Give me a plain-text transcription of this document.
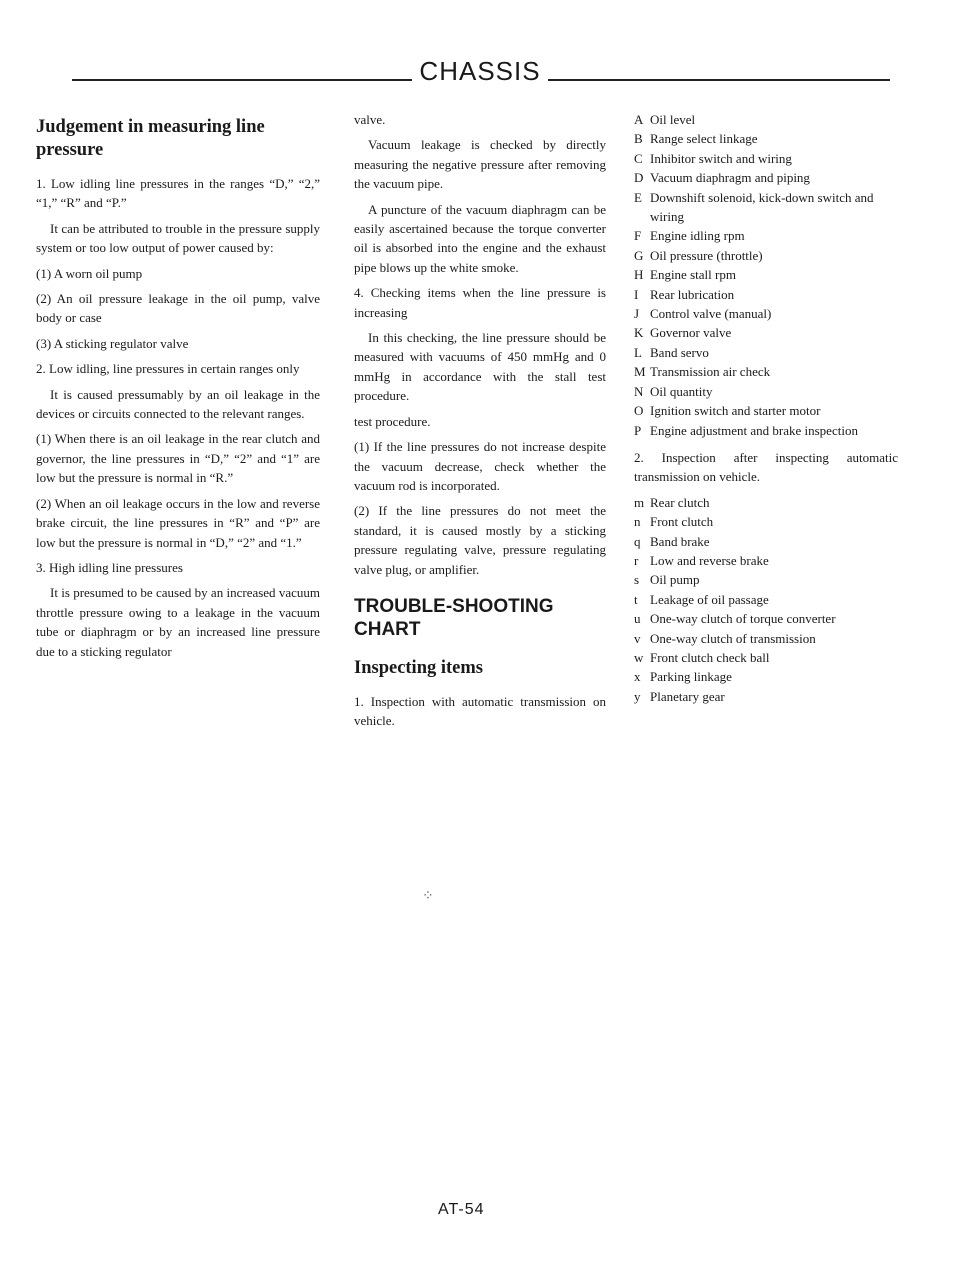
CHASSIS
Judgement in measuring line pressure

1. Low idling line pressures in the ranges “D,” “2,” “1,” “R” and “P.”

It can be attributed to trouble in the pressure supply system or too low output of power caused by:

(1) A worn oil pump

(2) An oil pressure leakage in the oil pump, valve body or case

(3) A sticking regulator valve

2. Low idling, line pressures in certain ranges only

It is caused pressumably by an oil leakage in the devices or circuits connected to the relevant ranges.

(1) When there is an oil leakage in the rear clutch and governor, the line pressures in “D,” “2” and “1” are low but the pressure is normal in “R.”

(2) When an oil leakage occurs in the low and reverse brake circuit, the line pressures in “R” and “P” are low but the pressure is normal in “D,” “2” and “1.”

3. High idling line pressures

It is presumed to be caused by an increased vacuum throttle pressure owing to a leakage in the vacuum tube or diaphragm or by an increased line pressure due to a sticking regulator

valve.

Vacuum leakage is checked by directly measuring the negative pressure after removing the vacuum pipe.

A puncture of the vacuum diaphragm can be easily ascertained because the torque converter oil is absorbed into the engine and the exhaust pipe blows up the white smoke.

4. Checking items when the line pressure is increasing

In this checking, the line pressure should be measured with vacuums of 450 mmHg and 0 mmHg in accordance with the stall test procedure.

test procedure.

(1) If the line pressures do not increase despite the vacuum decrease, check whether the vacuum rod is incorporated.

(2) If the line pressures do not meet the standard, it is caused mostly by a sticking pressure regulating valve, pressure regulating valve plug, or amplifier.

TROUBLE-SHOOTING CHART
Inspecting items

1. Inspection with automatic transmission on vehicle.

A Oil level
B Range select linkage
C Inhibitor switch and wiring
D Vacuum diaphragm and piping
E Downshift solenoid, kick-down switch and wiring
F Engine idling rpm
G Oil pressure (throttle)
H Engine stall rpm
I Rear lubrication
J Control valve (manual)
K Governor valve
L Band servo
M Transmission air check
N Oil quantity
O Ignition switch and starter motor
P Engine adjustment and brake inspection

2. Inspection after inspecting automatic transmission on vehicle.

m Rear clutch
n Front clutch
q Band brake
r Low and reverse brake
s Oil pump
t Leakage of oil passage
u One-way clutch of torque converter
v One-way clutch of transmission
w Front clutch check ball
x Parking linkage
y Planetary gear
⁘
AT-54
